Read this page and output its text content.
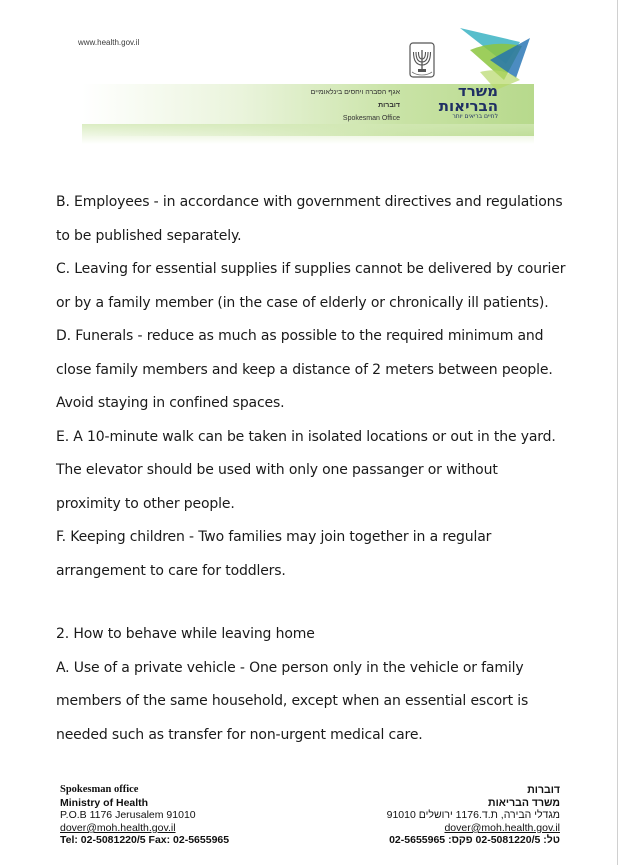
www.health.gov.il
אגף הסברה ויחסים בינלאומיים
דוברות
Spokesman Office
משרד
הבריאות
לחיים בריאים יותר

B. Employees - in accordance with government directives and regulations to be published separately.

C. Leaving for essential supplies if supplies cannot be delivered by courier or by a family member (in the case of elderly or chronically ill patients).

D. Funerals - reduce as much as possible to the required minimum and close family members and keep a distance of 2 meters between people. Avoid staying in confined spaces.

E. A 10-minute walk can be taken in isolated locations or out in the yard. The elevator should be used with only one passanger or without proximity to other people.

F. Keeping children - Two families may join together in a regular arrangement to care for toddlers.

2. How to behave while leaving home

A. Use of a private vehicle - One person only in the vehicle or family members of the same household, except when an essential escort is needed such as transfer for non-urgent medical care.

Spokesman office
Ministry of Health
P.O.B 1176 Jerusalem 91010
dover@moh.health.gov.il
Tel: 02-5081220/5 Fax: 02-5655965
דוברות
משרד הבריאות
מגדלי הבירה, ת.ד.1176 ירושלים 91010
dover@moh.health.gov.il
טל: 02-5081220/5 פקס: 02-5655965
